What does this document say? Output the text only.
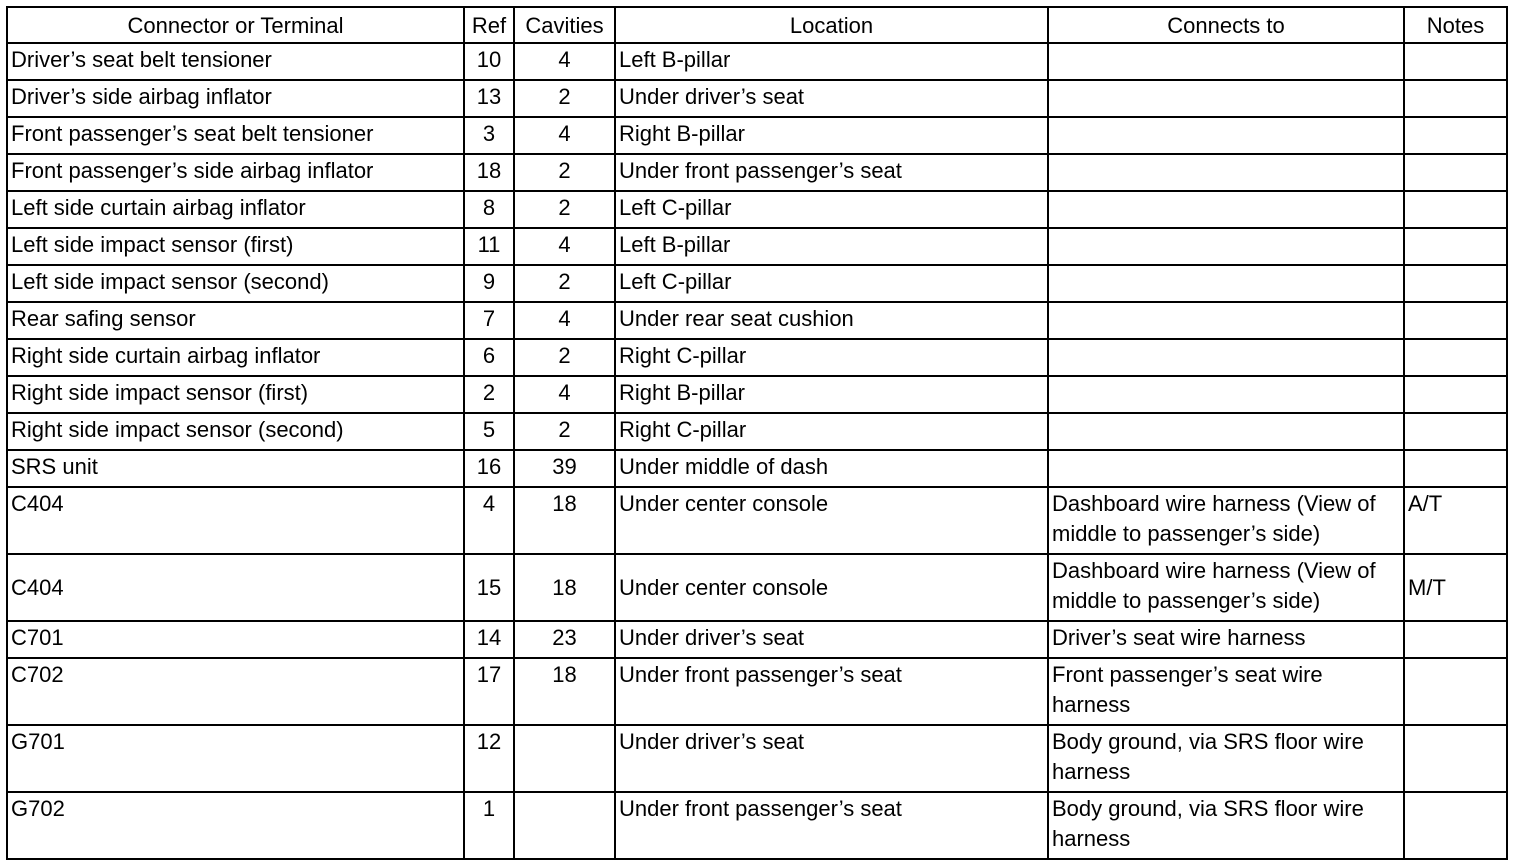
Connector or Terminal	Ref	Cavities	Location	Connects to	Notes
Driver’s seat belt tensioner	10	4	Left B-pillar		
Driver’s side airbag inflator	13	2	Under driver’s seat		
Front passenger’s seat belt tensioner	3	4	Right B-pillar		
Front passenger’s side airbag inflator	18	2	Under front passenger’s seat		
Left side curtain airbag inflator	8	2	Left C-pillar		
Left side impact sensor (first)	11	4	Left B-pillar		
Left side impact sensor (second)	9	2	Left C-pillar		
Rear safing sensor	7	4	Under rear seat cushion		
Right side curtain airbag inflator	6	2	Right C-pillar		
Right side impact sensor (first)	2	4	Right B-pillar		
Right side impact sensor (second)	5	2	Right C-pillar		
SRS unit	16	39	Under middle of dash		
C404	4	18	Under center console	Dashboard wire harness (View of middle to passenger’s side)	A/T
C404	15	18	Under center console	Dashboard wire harness (View of middle to passenger’s side)	M/T
C701	14	23	Under driver’s seat	Driver’s seat wire harness	
C702	17	18	Under front passenger’s seat	Front passenger’s seat wire harness	
G701	12		Under driver’s seat	Body ground, via SRS floor wire harness	
G702	1		Under front passenger’s seat	Body ground, via SRS floor wire harness	
